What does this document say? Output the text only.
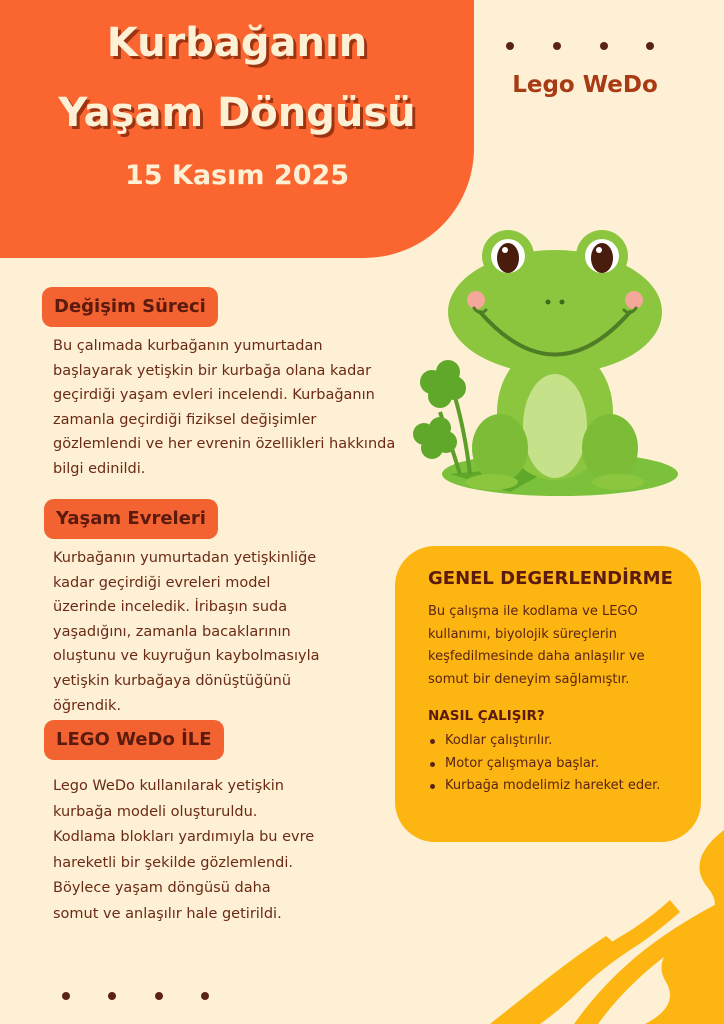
Kurbağanın
Yaşam Döngüsü
15 Kasım 2025
Lego WeDo
Değişim Süreci
Bu çalımada kurbağanın yumurtadan
başlayarak yetişkin bir kurbağa olana kadar
geçirdiği yaşam evleri incelendi. Kurbağanın
zamanla geçirdiği fiziksel değişimler
gözlemlendi ve her evrenin özellikleri hakkında
bilgi edinildi.
Yaşam Evreleri
Kurbağanın yumurtadan yetişkinliğe
kadar geçirdiği evreleri model
üzerinde inceledik. İribaşın suda
yaşadığını, zamanla bacaklarının
oluştunu ve kuyruğun kaybolmasıyla
yetişkin kurbağaya dönüştüğünü
öğrendik.
LEGO WeDo İLE
Lego WeDo kullanılarak yetişkin
kurbağa modeli oluşturuldu.
Kodlama blokları yardımıyla bu evre
hareketli bir şekilde gözlemlendi.
Böylece yaşam döngüsü daha
somut ve anlaşılır hale getirildi.
GENEL DEGERLENDİRME
Bu çalışma ile kodlama ve LEGO
kullanımı, biyolojik süreçlerin
keşfedilmesinde daha anlaşılır ve
somut bir deneyim sağlamıştır.
NASIL ÇALIŞIR?
Kodlar çalıştırılır.
Motor çalışmaya başlar.
Kurbağa modelimiz hareket eder.
